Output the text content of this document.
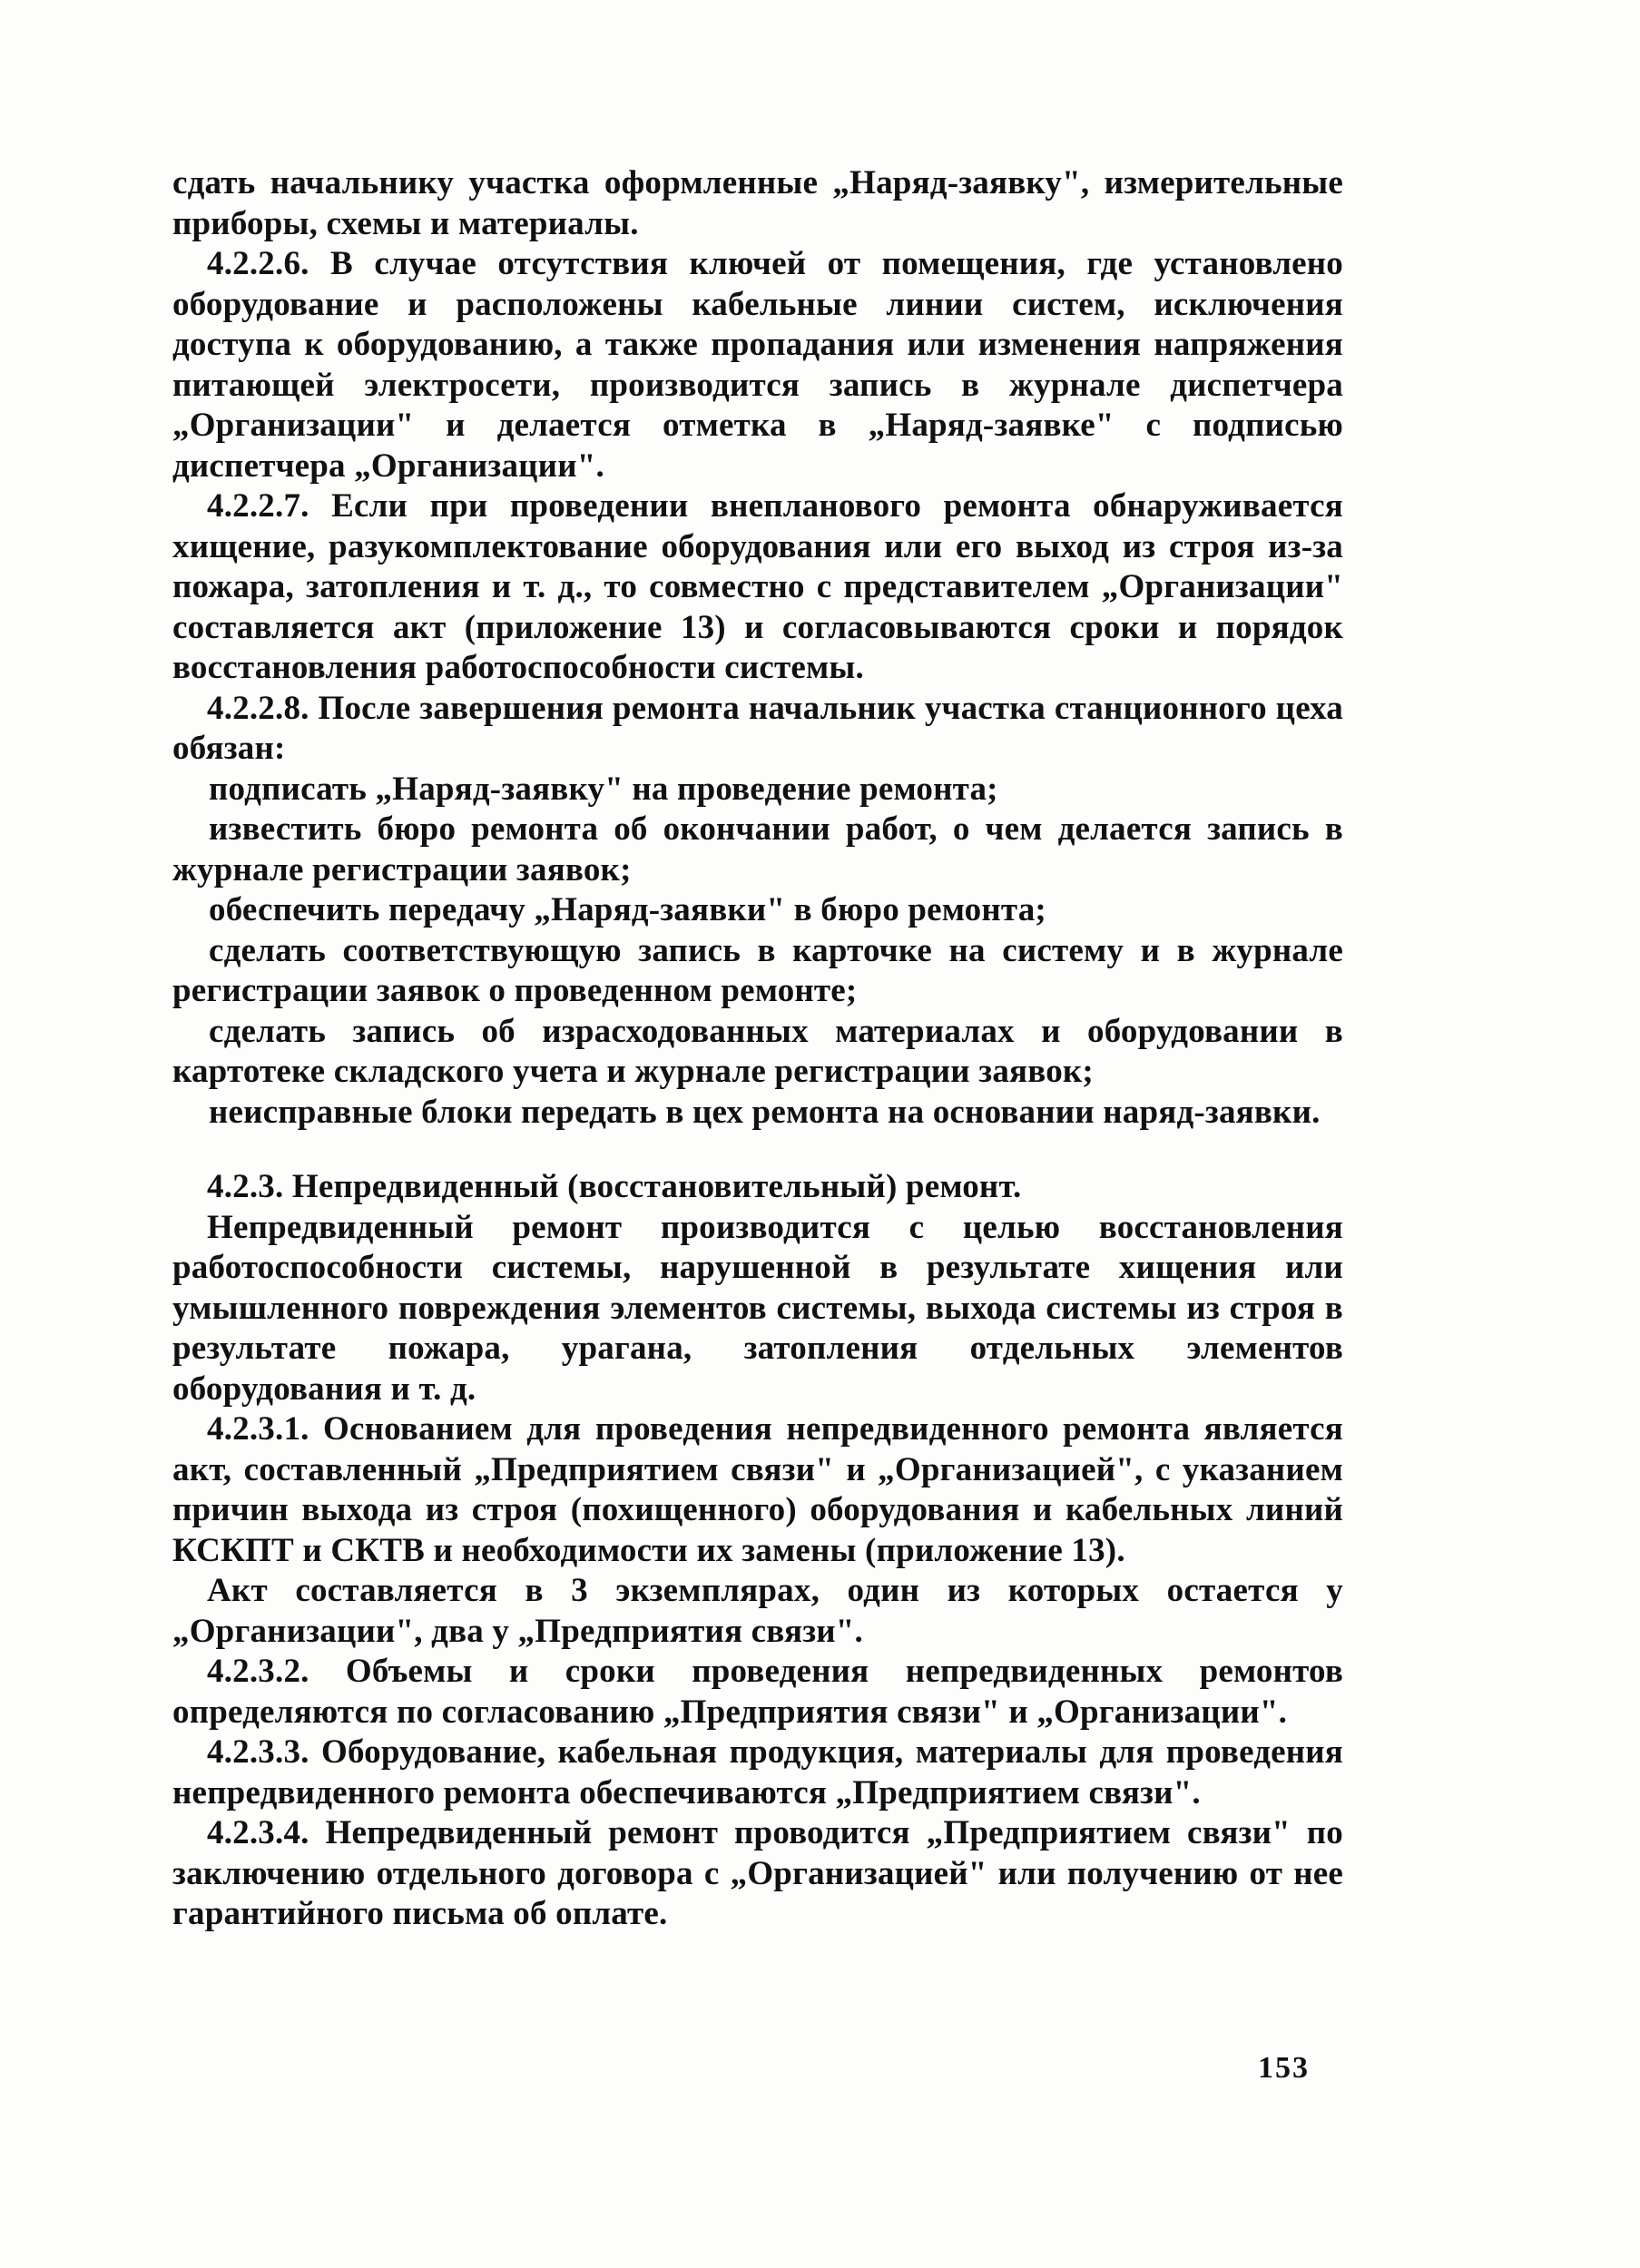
сдать начальнику участка оформленные „Наряд-заявку", измерительные приборы, схемы и материалы.

4.2.2.6. В случае отсутствия ключей от помещения, где установлено оборудование и расположены кабельные линии систем, исключения доступа к оборудованию, а также пропадания или изменения напряжения питающей электросети, производится запись в журнале диспетчера „Организации" и делается отметка в „Наряд-заявке" с подписью диспетчера „Организации".

4.2.2.7. Если при проведении внепланового ремонта обнаруживается хищение, разукомплектование оборудования или его выход из строя из-за пожара, затопления и т. д., то совместно с представителем „Организации" составляется акт (приложение 13) и согласовываются сроки и порядок восстановления работоспособности системы.

4.2.2.8. После завершения ремонта начальник участка станционного цеха обязан:

подписать „Наряд-заявку" на проведение ремонта;

известить бюро ремонта об окончании работ, о чем делается запись в журнале регистрации заявок;

обеспечить передачу „Наряд-заявки" в бюро ремонта;

сделать соответствующую запись в карточке на систему и в журнале регистрации заявок о проведенном ремонте;

сделать запись об израсходованных материалах и оборудовании в картотеке складского учета и журнале регистрации заявок;

неисправные блоки передать в цех ремонта на основании наряд-заявки.

4.2.3. Непредвиденный (восстановительный) ремонт.

Непредвиденный ремонт производится с целью восстановления работоспособности системы, нарушенной в результате хищения или умышленного повреждения элементов системы, выхода системы из строя в результате пожара, урагана, затопления отдельных элементов оборудования и т. д.

4.2.3.1. Основанием для проведения непредвиденного ремонта является акт, составленный „Предприятием связи" и „Организацией", с указанием причин выхода из строя (похищенного) оборудования и кабельных линий КСКПТ и СКТВ и необходимости их замены (приложение 13).

Акт составляется в 3 экземплярах, один из которых остается у „Организации", два у „Предприятия связи".

4.2.3.2. Объемы и сроки проведения непредвиденных ремонтов определяются по согласованию „Предприятия связи" и „Организации".

4.2.3.3. Оборудование, кабельная продукция, материалы для проведения непредвиденного ремонта обеспечиваются „Предприятием связи".

4.2.3.4. Непредвиденный ремонт проводится „Предприятием связи" по заключению отдельного договора с „Организацией" или получению от нее гарантийного письма об оплате.

153
